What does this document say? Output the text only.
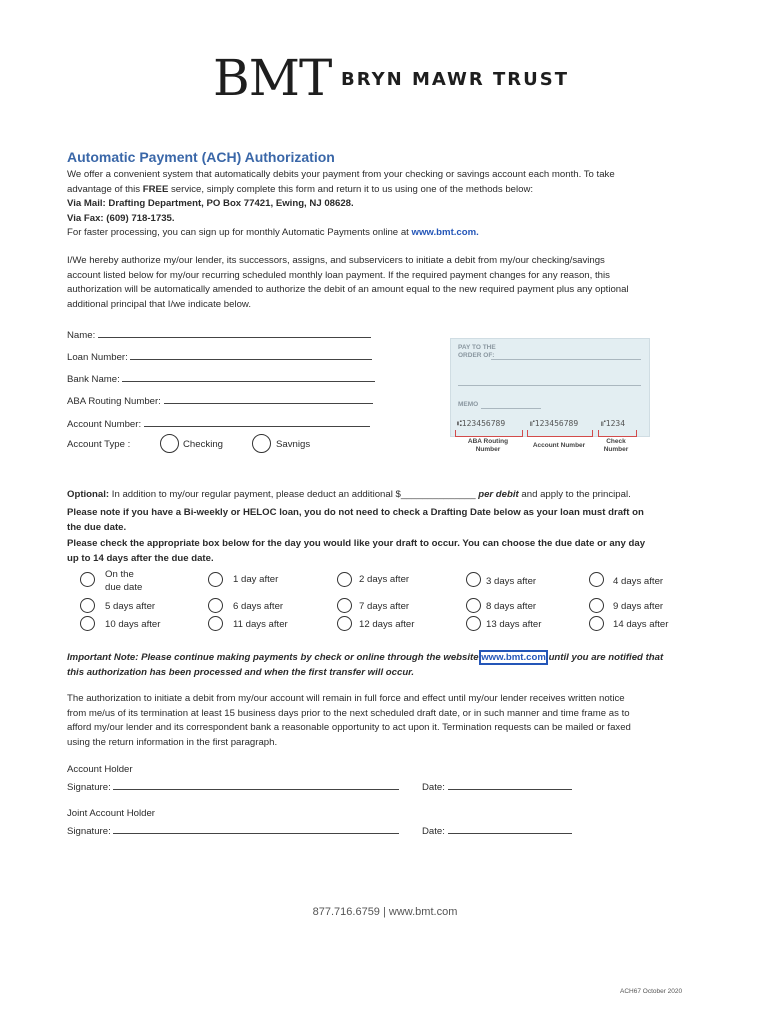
BMT BRYN MAWR TRUST
Automatic Payment (ACH) Authorization
We offer a convenient system that automatically debits your payment from your checking or savings account each month. To take
advantage of this FREE service, simply complete this form and return it to us using one of the methods below:
Via Mail: Drafting Department, PO Box 77421, Ewing, NJ 08628.
Via Fax: (609) 718-1735.
For faster processing, you can sign up for monthly Automatic Payments online at www.bmt.com.
I/We hereby authorize my/our lender, its successors, assigns, and subservicers to initiate a debit from my/our checking/savings
account listed below for my/our recurring scheduled monthly loan payment. If the required payment changes for any reason, this
authorization will be automatically amended to authorize the debit of an amount equal to the new required payment plus any optional
additional principal that I/we indicate below.
Name:
Loan Number:
Bank Name:
ABA Routing Number:
Account Number:
Account Type :	Checking	Savnigs
PAY TO THE
ORDER OF:
MEMO
⑆123456789	⑈123456789	⑈1234
ABA Routing
Number
Account Number
Check
Number
Optional: In addition to my/our regular payment, please deduct an additional $______________ per debit and apply to the principal.
Please note if you have a Bi-weekly or HELOC loan, you do not need to check a Drafting Date below as your loan must draft on
the due date.
Please check the appropriate box below for the day you would like your draft to occur. You can choose the due date or any day
up to 14 days after the due date.
On the
due date
1 day after	2 days after	3 days after	4 days after
5 days after	6 days after	7 days after	8 days after	9 days after
10 days after	11 days after	12 days after	13 days after	14 days after
Important Note: Please continue making payments by check or online through the website www.bmt.com until you are notified that
this authorization has been processed and when the first transfer will occur.
The authorization to initiate a debit from my/our account will remain in full force and effect until my/our lender receives written notice
from me/us of its termination at least 15 business days prior to the next scheduled draft date, or in such manner and time frame as to
afford my/our lender and its correspondent bank a reasonable opportunity to act upon it. Termination requests can be mailed or faxed
using the return information in the first paragraph.
Account Holder
Signature:	Date:
Joint Account Holder
Signature:	Date:
877.716.6759 | www.bmt.com
ACH67 October 2020
